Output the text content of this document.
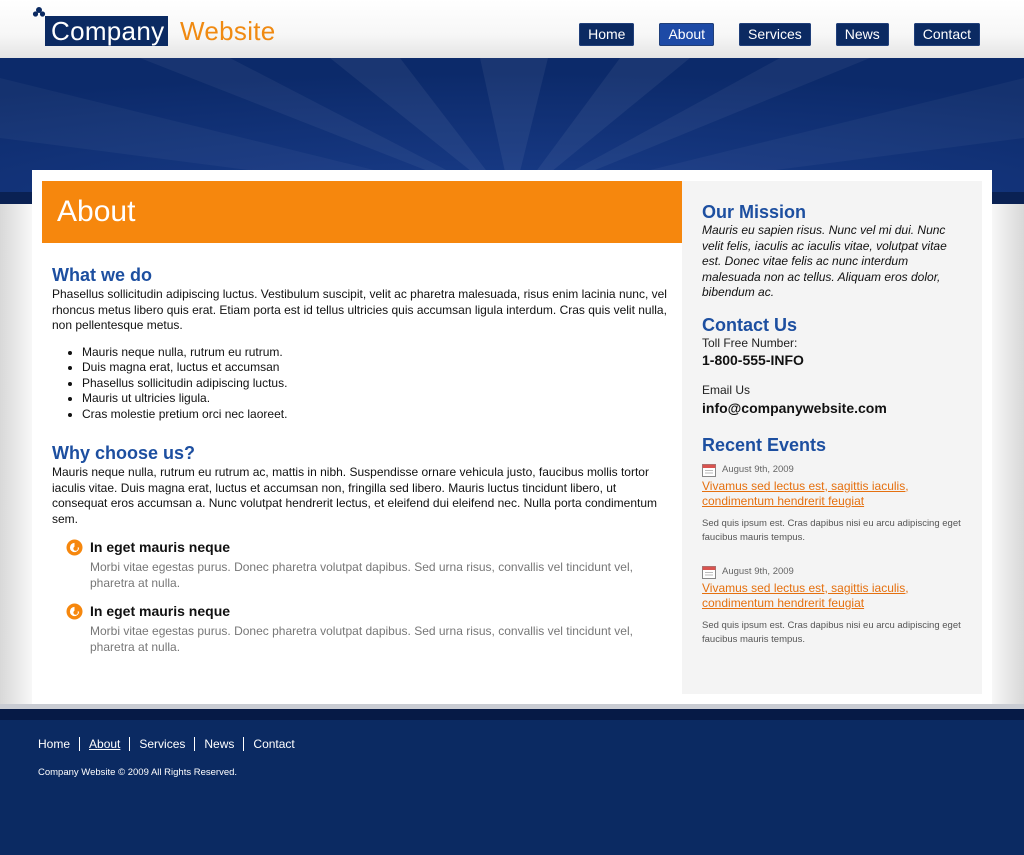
Company Website	Home	About	Services	News	Contact
About
What we do

Phasellus sollicitudin adipiscing luctus. Vestibulum suscipit, velit ac pharetra malesuada, risus enim lacinia nunc, vel rhoncus metus libero quis erat. Etiam porta est id tellus ultricies quis accumsan ligula interdum. Cras quis velit nulla, non pellentesque metus.

• Mauris neque nulla, rutrum eu rutrum.
• Duis magna erat, luctus et accumsan
• Phasellus sollicitudin adipiscing luctus.
• Mauris ut ultricies ligula.
• Cras molestie pretium orci nec laoreet.
Why choose us?

Mauris neque nulla, rutrum eu rutrum ac, mattis in nibh. Suspendisse ornare vehicula justo, faucibus mollis tortor iaculis vitae. Duis magna erat, luctus et accumsan non, fringilla sed libero. Mauris luctus tincidunt libero, ut consequat eros accumsan a. Nunc volutpat hendrerit lectus, et eleifend dui eleifend nec. Nulla porta condimentum sem.

In eget mauris neque
Morbi vitae egestas purus. Donec pharetra volutpat dapibus. Sed urna risus, convallis vel tincidunt vel, pharetra at nulla.
In eget mauris neque
Morbi vitae egestas purus. Donec pharetra volutpat dapibus. Sed urna risus, convallis vel tincidunt vel, pharetra at nulla.
Our Mission
Mauris eu sapien risus. Nunc vel mi dui. Nunc velit felis, iaculis ac iaculis vitae, volutpat vitae est. Donec vitae felis ac nunc interdum malesuada non ac tellus. Aliquam eros dolor, bibendum ac.
Contact Us
Toll Free Number:
1-800-555-INFO
Email Us
info@companywebsite.com
Recent Events
August 9th, 2009
Vivamus sed lectus est, sagittis iaculis, condimentum hendrerit feugiat
Sed quis ipsum est. Cras dapibus nisi eu arcu adipiscing eget faucibus mauris tempus.
August 9th, 2009
Vivamus sed lectus est, sagittis iaculis, condimentum hendrerit feugiat
Sed quis ipsum est. Cras dapibus nisi eu arcu adipiscing eget faucibus mauris tempus.
Home	About	Services	News	Contact
Company Website © 2009 All Rights Reserved.
